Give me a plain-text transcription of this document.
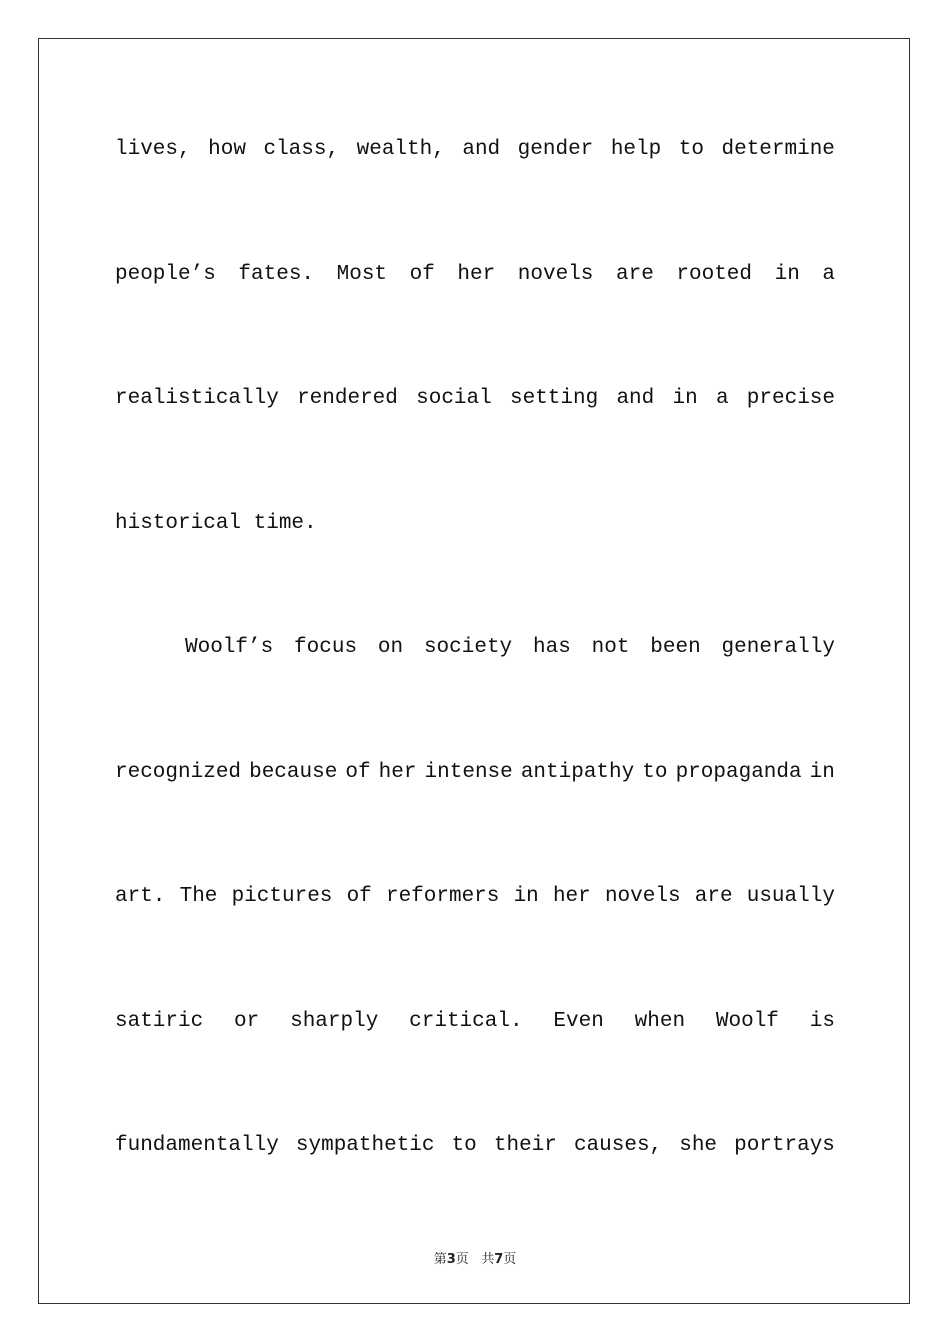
lives, how class, wealth, and gender help to determine
people’s fates. Most of her novels are rooted in a
realistically rendered social setting and in a precise
historical time.
Woolf’s focus on society has not been generally
recognized because of her intense antipathy to propaganda in
art. The pictures of reformers in her novels are usually
satiric or sharply critical. Even when Woolf is
fundamentally sympathetic to their causes, she portrays
第3页 共7页
